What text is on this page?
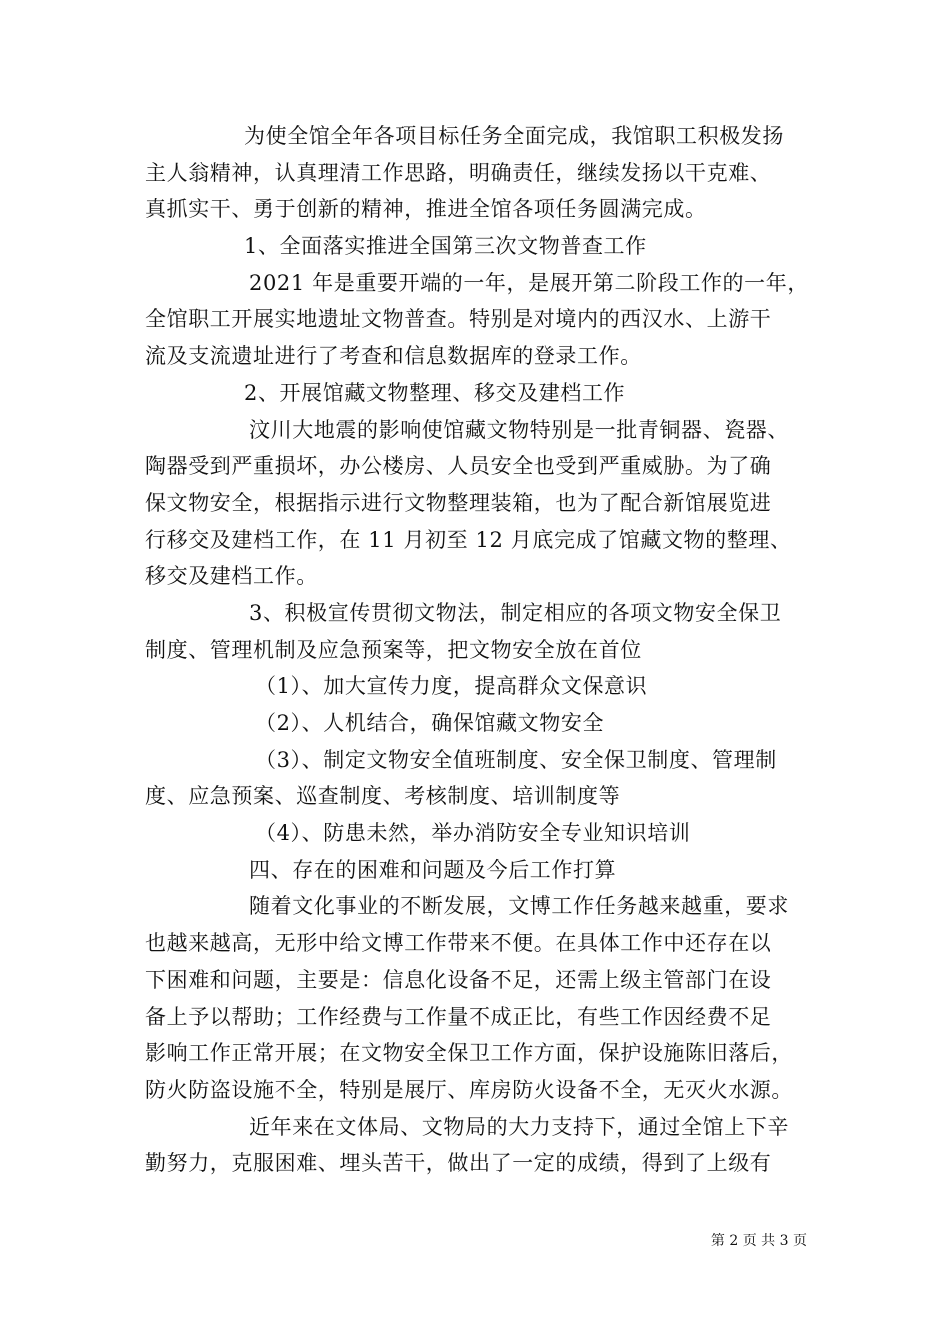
为使全馆全年各项目标任务全面完成，我馆职工积极发扬
主人翁精神，认真理清工作思路，明确责任，继续发扬以干克难、
真抓实干、勇于创新的精神，推进全馆各项任务圆满完成。
1、全面落实推进全国第三次文物普查工作
2021 年是重要开端的一年，是展开第二阶段工作的一年，
全馆职工开展实地遗址文物普查。特别是对境内的西汉水、上游干
流及支流遗址进行了考查和信息数据库的登录工作。
2、开展馆藏文物整理、移交及建档工作
汶川大地震的影响使馆藏文物特别是一批青铜器、瓷器、
陶器受到严重损坏，办公楼房、人员安全也受到严重威胁。为了确
保文物安全，根据指示进行文物整理装箱，也为了配合新馆展览进
行移交及建档工作，在 11 月初至 12 月底完成了馆藏文物的整理、
移交及建档工作。
3、积极宣传贯彻文物法，制定相应的各项文物安全保卫
制度、管理机制及应急预案等，把文物安全放在首位
（1）、加大宣传力度，提高群众文保意识
（2）、人机结合，确保馆藏文物安全
（3）、制定文物安全值班制度、安全保卫制度、管理制
度、应急预案、巡查制度、考核制度、培训制度等
（4）、防患未然，举办消防安全专业知识培训
四、存在的困难和问题及今后工作打算
随着文化事业的不断发展，文博工作任务越来越重，要求
也越来越高，无形中给文博工作带来不便。在具体工作中还存在以
下困难和问题，主要是：信息化设备不足，还需上级主管部门在设
备上予以帮助；工作经费与工作量不成正比，有些工作因经费不足
影响工作正常开展；在文物安全保卫工作方面，保护设施陈旧落后，
防火防盗设施不全，特别是展厅、库房防火设备不全，无灭火水源。
近年来在文体局、文物局的大力支持下，通过全馆上下辛
勤努力，克服困难、埋头苦干，做出了一定的成绩，得到了上级有
第 2 页 共 3 页
